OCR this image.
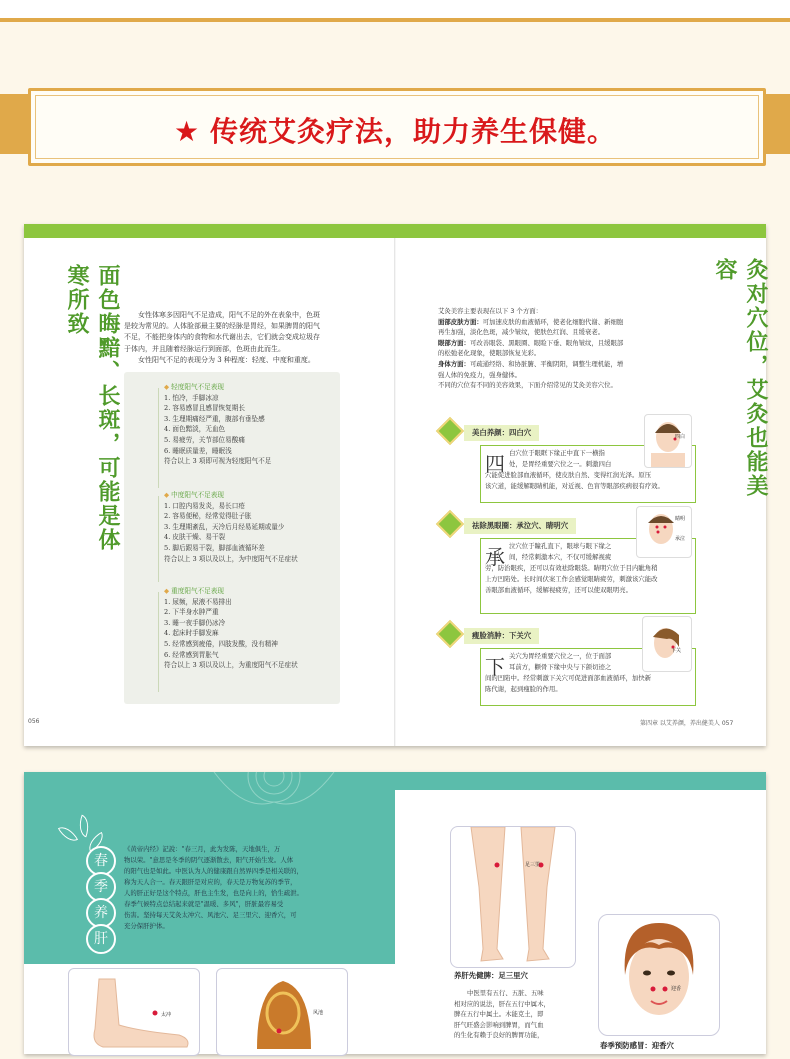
★ 传统艾灸疗法，助力养生保健。
面色晦黯、长斑，可能是体寒所致	女性体寒多因阳气不足造成，阳气不足的外在表象中，色斑
是较为常见的。人体脸部最主要的经脉是胃经，如果脾胃的阳气
不足，不能把身体内的食物和水代谢出去，它们就会变成垃圾存
于体内，并且随着经脉运行到面部，色斑由此而生。
女性阳气不足的表现分为 3 种程度：轻度、中度和重度。
◆ 轻度阳气不足表现
1. 怕冷，手脚冰凉
2. 容易感冒且感冒恢复期长
3. 生理期痛经严重，腹部有垂坠感
4. 面色黯淡，无血色
5. 易疲劳，关节部位易酸痛
6. 睡眠质量差，睡眠浅
符合以上 3 项即可视为轻度阳气不足
◆ 中度阳气不足表现
1. 口腔内易发炎，易长口疮
2. 容易便秘，经常觉得肚子胀
3. 生理期紊乱，天冷后月经易延期或量少
4. 皮肤干燥、易干裂
5. 脚后跟易干裂，脚部血液循环差
符合以上 3 项以及以上，为中度阳气不足症状
◆ 重度阳气不足表现
1. 尿频，尿液不易排出
2. 下半身水肿严重
3. 睡一夜手脚仍冰冷
4. 起床时手脚发麻
5. 经常感到疲倦，四肢发酸，没有精神
6. 经常感到胃胀气
符合以上 3 项以及以上，为重度阳气不足症状
056
灸对穴位，艾灸也能美容
艾灸美容主要表现在以下 3 个方面：
面部皮肤方面：可加速皮肤的血液循环，使老化细胞代谢、新细胞
再生加强，淡化色斑，减少皱纹，使肤色红润、且缓衰老。
眼部方面：可改善眼袋、黑眼圈、眼睑下垂、眼角皱纹，且缓眼部
的松弛老化现象，使眼部恢复光彩。
身体方面：可疏通经络、和协脏腑、平衡阴阳，调整生理机能，增
强人体的免疫力，强身健体。
不同的穴位有不同的美容效果，下面介绍常见的艾灸美容穴位。
美白养颜：四白穴
四 白穴位于眼眶下缘正中直下一横指
处，是胃经重要穴位之一。刺激四白
穴能促进脸部血液循环，使皮肤自然、变得红润光泽。原压
该穴道，能缓解眼睛机能，对近视、色盲等眼部疾病很有疗效。
四白
祛除黑眼圈：承泣穴、睛明穴
承 泣穴位于瞳孔直下，眼球与眼下缘之
间，经常刺激本穴，不仅可缓解视疲
劳，防治眼疾，还可以有效祛除眼袋。睛明穴位于目内眦角稍
上方凹陷处。长时间伏案工作会感觉眼睛疲劳，刺激该穴能改
善眼部血液循环，缓解视疲劳，还可以使双眼明亮。
睛明
承泣
瘦脸消肿：下关穴
下 关穴为胃经重要穴位之一，位于面部
耳前方，颧骨下缘中央与下颌切迹之
间的凹陷中。经常刺激下关穴可促进面部血液循环，加快新
陈代谢，起到瘦脸的作用。
下关
第四章 以艾养颜，养出健美人 057
春
季
养
肝
《黄帝内经》記說："春三月，此为发陈，天地俱生，万
物以荣。"意思是冬季的阴气逐渐散去，阳气开始生发。人体
的阳气也是如此。中医认为人的健康跟自然界四季是相关联的，
称为天人合一。春天跟肝是对应的，春天是万物复苏的季节，
人的肝正好是这个特点，肝也主生发，也是向上的，恰生疏泄。
春季气候特点总结起来就是"温暖、多风"，肝脏最容易受
伤害。坚持每天艾灸太冲穴、风池穴、足三里穴、迎香穴，可
充分保肝护体。
太冲	风池
足三里
养肝先健脾：足三里穴
中医里有五行、五脏、五味
相对应的说法，肝在五行中属木，
脾在五行中属土。木能克土，即
肝气旺盛会影响到脾胃，而气血
的生化有赖于良好的脾胃功能，
迎香
春季预防感冒：迎香穴
